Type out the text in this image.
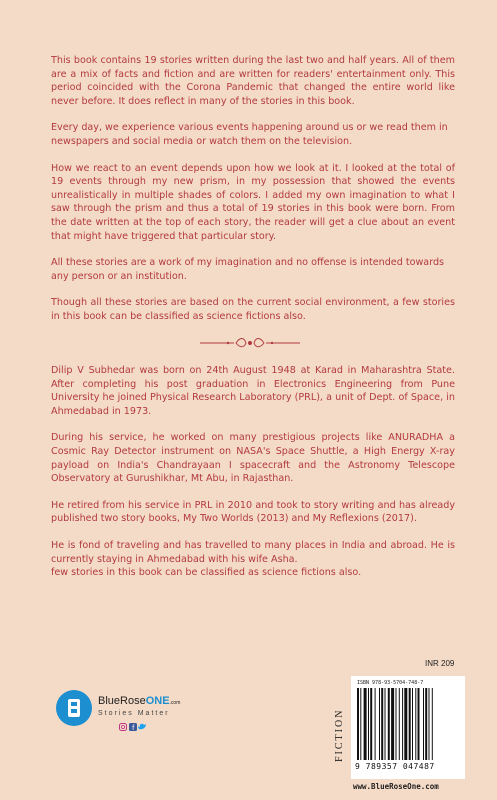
This book contains 19 stories written during the last two and half years. All of them are a mix of facts and fiction and are written for readers' entertainment only. This period coincided with the Corona Pandemic that changed the entire world like never before. It does reflect in many of the stories in this book.

Every day, we experience various events happening around us or we read them in newspapers and social media or watch them on the television.

How we react to an event depends upon how we look at it. I looked at the total of 19 events through my new prism, in my possession that showed the events unrealistically in multiple shades of colors. I added my own imagination to what I saw through the prism and thus a total of 19 stories in this book were born. From the date written at the top of each story, the reader will get a clue about an event that might have triggered that particular story.

All these stories are a work of my imagination and no offense is intended towards any person or an institution.

Though all these stories are based on the current social environment, a few stories in this book can be classified as science fictions also.

Dilip V Subhedar was born on 24th August 1948 at Karad in Maharashtra State. After completing his post graduation in Electronics Engineering from Pune University he joined Physical Research Laboratory (PRL), a unit of Dept. of Space, in Ahmedabad in 1973.

During his service, he worked on many prestigious projects like ANURADHA a Cosmic Ray Detector instrument on NASA's Space Shuttle, a High Energy X-ray payload on India's Chandrayaan I spacecraft and the Astronomy Telescope Observatory at Gurushikhar, Mt Abu, in Rajasthan.

He retired from his service in PRL in 2010 and took to story writing and has already published two story books, My Two Worlds (2013) and My Reflexions (2017).

He is fond of traveling and has travelled to many places in India and abroad. He is currently staying in Ahmedabad with his wife Asha.

few stories in this book can be classified as science fictions also.

BlueRoseONE.com
Stories Matter
f
INR 209
FICTION
ISBN 978-93-5704-748-7
9 789357 047487
www.BlueRoseOne.com
